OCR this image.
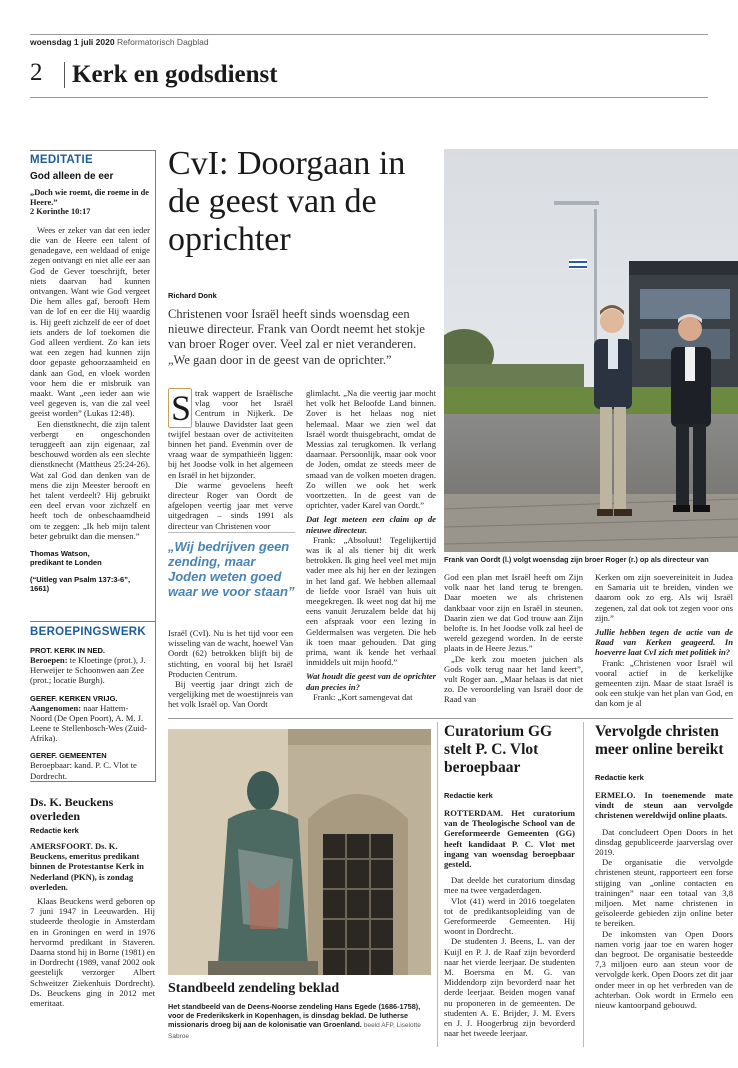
woensdag 1 juli 2020 Reformatorisch Dagblad
2 Kerk en godsdienst
MEDITATIE
God alleen de eer
„Doch wie roemt, die roeme in de Heere.”
2 Korinthe 10:17

Wees er zeker van dat een ieder die van de Heere een talent of genadegave, een weldaad of enige zegen ontvangt en niet alle eer aan God de Gever toeschrijft, beter niets daarvan had kunnen ontvangen. Want wie God vergeet Die hem alles gaf, berooft Hem van de lof en eer die Hij waardig is. Hij geeft zichzelf de eer of doet iets anders de lof toekomen die God alleen verdient. Zo kan iets wat een zegen had kunnen zijn door gepaste gehoorzaamheid en dank aan God, en vloek worden voor hem die er misbruik van maakt. Want „een ieder aan wie veel gegeven is, van die zal veel geeist worden” (Lukas 12:48).

Een dienstknecht, die zijn talent verbergt en ongeschonden teruggeeft aan zijn eigenaar, zal beschouwd worden als een slechte dienstknecht (Mattheus 25:24-26). Wat zal God dan denken van de mens die zijn Meester berooft en het talent verdeelt? Hij gebruikt een deel ervan voor zichzelf en heeft toch de onbeschaamdheid om te zeggen: „Ik heb mijn talent beter gebruikt dan die mensen.”

Thomas Watson,
predikant te Londen
(“Uitleg van Psalm 137:3-6”, 1661)
BEROEPINGSWERK
PROT. KERK IN NED.
Beroepen: te Kloetinge (prot.), J. Herweijer te Schoonwen aan Zee (prot.; locatie Burgh).
GEREF. KERKEN VRIJG.
Aangenomen: naar Hattem-Noord (De Open Poort), A. M. J. Leene te Stellenbosch-Wes (Zuid-Afrika).
GEREF. GEMEENTEN
Beroepbaar: kand. P. C. Vlot te Dordrecht.
Ds. K. Beuckens overleden
Redactie kerk
AMERSFOORT. Ds. K. Beuckens, emeritus predikant binnen de Protestantse Kerk in Nederland (PKN), is zondag overleden.

Klaas Beuckens werd geboren op 7 juni 1947 in Leeuwarden. Hij studeerde theologie in Amsterdam en in Groningen en werd in 1976 hervormd predikant in Staveren. Daarna stond hij in Borne (1981) en in Dordrecht (1989, vanaf 2002 ook geestelijk verzorger Albert Schweitzer Ziekenhuis Dordrecht). Ds. Beuckens ging in 2012 met emeritaat.

CvI: Doorgaan in de geest van de oprichter
Richard Donk
Christenen voor Israël heeft sinds woensdag een nieuwe directeur. Frank van Oordt neemt het stokje van broer Roger over. Veel zal er niet veranderen. „We gaan door in de geest van de oprichter.”
Frank van Oordt (l.) volgt woensdag zijn broer Roger (r.) op als directeur van
S trak wappert de Israëlische vlag voor het Israël Centrum in Nijkerk. De blauwe Davidster laat geen twijfel bestaan over de activiteiten binnen het pand. Evenmin over de vraag waar de sympathieën liggen: bij het Joodse volk in het algemeen en Israël in het bijzonder.

Die warme gevoelens heeft directeur Roger van Oordt de afgelopen veertig jaar met verve uitgedragen – sinds 1991 als directeur van Christenen voor

„Wij bedrijven geen zending, maar Joden weten goed waar we voor staan”

Israël (CvI). Nu is het tijd voor een wisseling van de wacht, hoewel Van Oordt (62) betrokken blijft bij de stichting, en vooral bij het Israël Producten Centrum.

Bij veertig jaar dringt zich de vergelijking met de woestijnreis van het volk Israël op. Van Oordt

glimlacht. „Na die veertig jaar mocht het volk het Beloofde Land binnen. Zover is het helaas nog niet helemaal. Maar we zien wel dat Israël wordt thuisgebracht, omdat de Messias zal terugkomen. Ik verlang daarnaar. Persoonlijk, maar ook voor de Joden, omdat ze steeds meer de smaad van de volken moeten dragen. Zo willen we ook het werk voortzetten. In de geest van de oprichter, vader Karel van Oordt.”

Dat legt meteen een claim op de nieuwe directeur.

Frank: „Absoluut! Tegelijkertijd was ik al als tiener bij dit werk betrokken. Ik ging heel veel met mijn vader mee als hij her en der lezingen in het land gaf. We hebben allemaal de liefde voor Israël van huis uit meegekregen. Ik weet nog dat hij me eens vanuit Jeruzalem belde dat hij een afspraak voor een lezing in Geldermalsen was vergeten. Die heb ik toen maar gehouden. Dat ging prima, want ik kende het verhaal inmiddels uit mijn hoofd.”

Wat houdt die geest van de oprichter dan precies in?

Frank: „Kort samengevat dat

God een plan met Israël heeft om Zijn volk naar het land terug te brengen. Daar moeten we als christenen dankbaar voor zijn en Israël in steunen. Daarin zien we dat God trouw aan Zijn belofte is. In het Joodse volk zal heel de wereld gezegend worden. In de eerste plaats in de Heere Jezus.”

„De kerk zou moeten juichen als Gods volk terug naar het land keert”, vult Roger aan. „Maar helaas is dat niet zo. De veroordeling van Israël door de Raad van

Kerken om zijn soevereiniteit in Judea en Samaria uit te breiden, vinden we daarom ook zo erg. Als wij Israël zegenen, zal dat ook tot zegen voor ons zijn.”

Jullie hebben tegen de actie van de Raad van Kerken geageerd. In hoeverre laat CvI zich met politiek in?

Frank: „Christenen voor Israël wil vooral actief in de kerkelijke gemeenten zijn. Maar de staat Israël is ook een stukje van het plan van God, en dan kom je al

Standbeeld zendeling beklad
Het standbeeld van de Deens-Noorse zendeling Hans Egede (1686-1758), voor de Frederikskerk in Kopenhagen, is dinsdag beklad. De lutherse missionaris droeg bij aan de kolonisatie van Groenland. beeld AFP, Liselotte Sabroe
Curatorium GG stelt P. C. Vlot beroepbaar
Redactie kerk
ROTTERDAM. Het curatorium van de Theologische School van de Gereformeerde Gemeenten (GG) heeft kandidaat P. C. Vlot met ingang van woensdag beroepbaar gesteld.

Dat deelde het curatorium dinsdag mee na twee vergaderdagen.

Vlot (41) werd in 2016 toegelaten tot de predikantsopleiding van de Gereformeerde Gemeenten. Hij woont in Dordrecht.

De studenten J. Beens, L. van der Kuijl en P. J. de Raaf zijn bevorderd naar het vierde leerjaar. De studenten M. Boersma en M. G. van Middendorp zijn bevorderd naar het derde leerjaar. Beiden mogen vanaf nu proponeren in de gemeenten. De studenten A. E. Brijder, J. M. Evers en J. J. Hoogerbrug zijn bevorderd naar het tweede leerjaar.

Vervolgde christen meer online bereikt
Redactie kerk
ERMELO. In toenemende mate vindt de steun aan vervolgde christenen wereldwijd online plaats.

Dat concludeert Open Doors in het dinsdag gepubliceerde jaarverslag over 2019.

De organisatie die vervolgde christenen steunt, rapporteert een forse stijging van „online contacten en trainingen” naar een totaal van 3,8 miljoen. Met name christenen in geïsoleerde gebieden zijn online beter te bereiken.

De inkomsten van Open Doors namen vorig jaar toe en waren hoger dan begroot. De organisatie besteedde 7,3 miljoen euro aan steun voor de vervolgde kerk. Open Doors zet dit jaar onder meer in op het verbreden van de achterban. Ook wordt in Ermelo een nieuw kantoorpand gebouwd.
